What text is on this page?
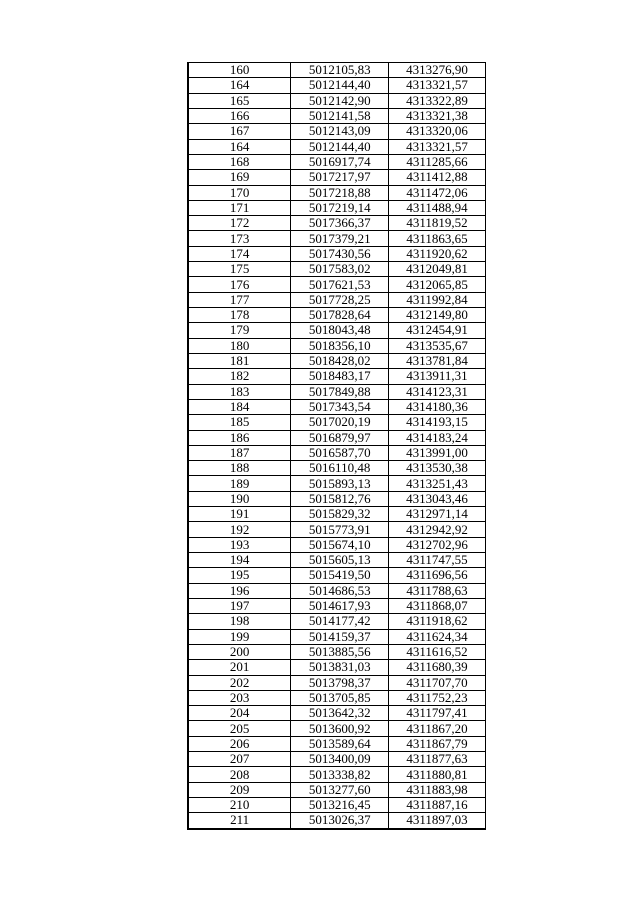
160	5012105,83	4313276,90
164	5012144,40	4313321,57
165	5012142,90	4313322,89
166	5012141,58	4313321,38
167	5012143,09	4313320,06
164	5012144,40	4313321,57
168	5016917,74	4311285,66
169	5017217,97	4311412,88
170	5017218,88	4311472,06
171	5017219,14	4311488,94
172	5017366,37	4311819,52
173	5017379,21	4311863,65
174	5017430,56	4311920,62
175	5017583,02	4312049,81
176	5017621,53	4312065,85
177	5017728,25	4311992,84
178	5017828,64	4312149,80
179	5018043,48	4312454,91
180	5018356,10	4313535,67
181	5018428,02	4313781,84
182	5018483,17	4313911,31
183	5017849,88	4314123,31
184	5017343,54	4314180,36
185	5017020,19	4314193,15
186	5016879,97	4314183,24
187	5016587,70	4313991,00
188	5016110,48	4313530,38
189	5015893,13	4313251,43
190	5015812,76	4313043,46
191	5015829,32	4312971,14
192	5015773,91	4312942,92
193	5015674,10	4312702,96
194	5015605,13	4311747,55
195	5015419,50	4311696,56
196	5014686,53	4311788,63
197	5014617,93	4311868,07
198	5014177,42	4311918,62
199	5014159,37	4311624,34
200	5013885,56	4311616,52
201	5013831,03	4311680,39
202	5013798,37	4311707,70
203	5013705,85	4311752,23
204	5013642,32	4311797,41
205	5013600,92	4311867,20
206	5013589,64	4311867,79
207	5013400,09	4311877,63
208	5013338,82	4311880,81
209	5013277,60	4311883,98
210	5013216,45	4311887,16
211	5013026,37	4311897,03
